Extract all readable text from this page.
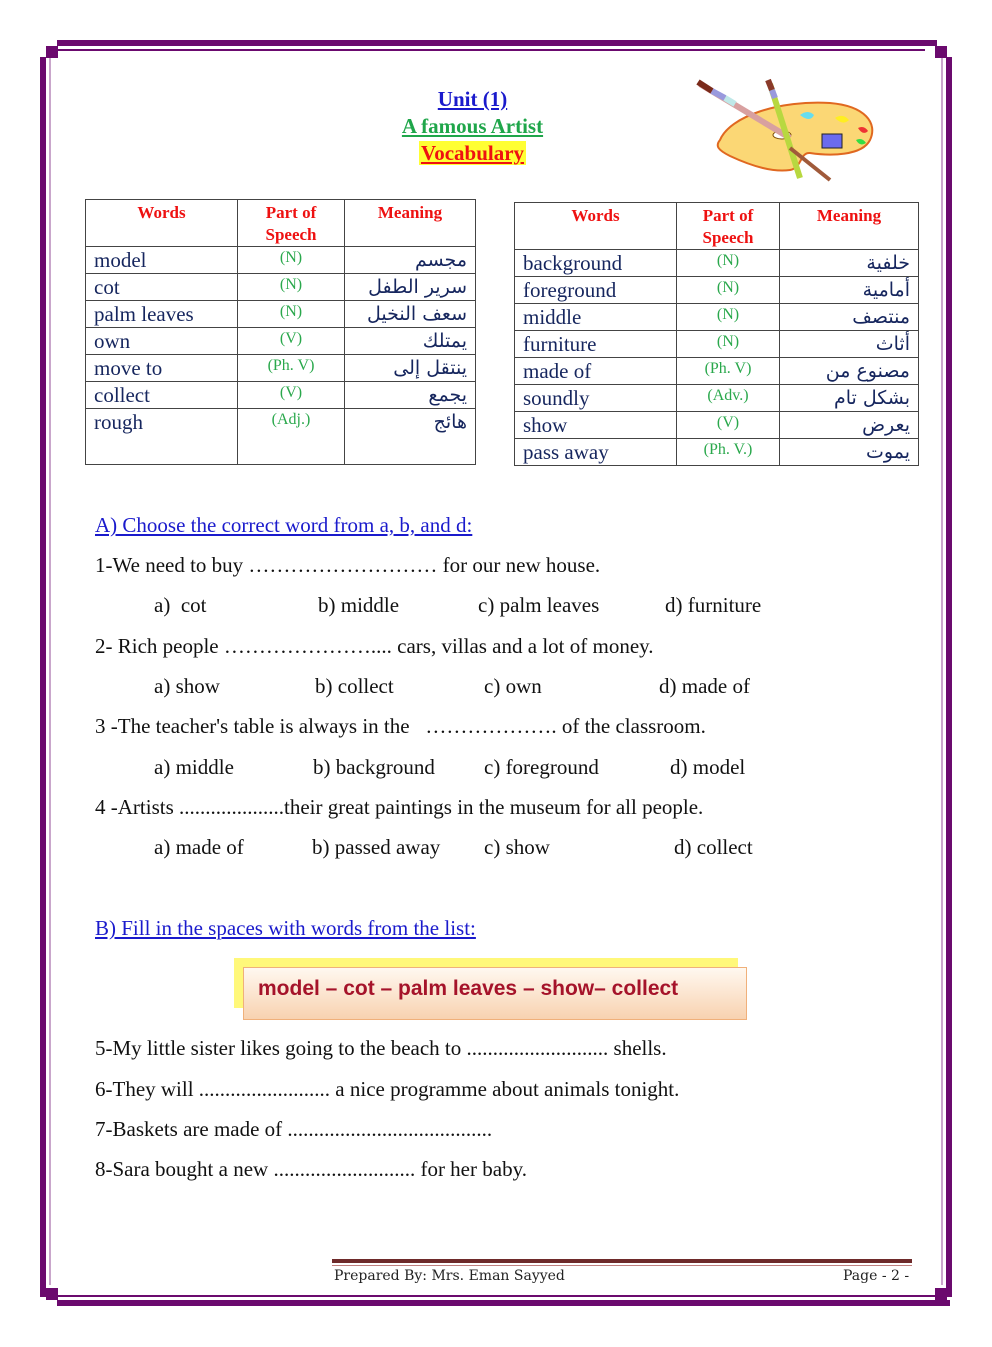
Unit (1)
A famous Artist
Vocabulary
Words	Part of Speech	Meaning
model	(N)	مجسم
cot	(N)	سرير الطفل
palm leaves	(N)	سعف النخيل
own	(V)	يمتلك
move to	(Ph. V)	ينتقل إلى
collect	(V)	يجمع
rough	(Adj.)	هائج
Words	Part of Speech	Meaning
background	(N)	خلفية
foreground	(N)	أمامية
middle	(N)	منتصف
furniture	(N)	أثاث
made of	(Ph. V)	مصنوع من
soundly	(Adv.)	بشكل تام
show	(V)	يعرض
pass away	(Ph. V.)	يموت
A) Choose the correct word from a, b, and d:
1-We need to buy ……………………… for our new house.
a)  cot	b) middle	c) palm leaves	d) furniture
2- Rich people ………………….... cars, villas and a lot of money.
a) show	b) collect	c) own	d) made of
3 -The teacher's table is always in the   ………………. of the classroom.
a) middle	b) background c) foreground	d) model
4 -Artists ....................their great paintings in the museum for all people.
a) made of	b) passed away c) show	d) collect
B) Fill in the spaces with words from the list:
model – cot – palm leaves – show– collect
5-My little sister likes going to the beach to ........................... shells.
6-They will ......................... a nice programme about animals tonight.
7-Baskets are made of .......................................
8-Sara bought a new ........................... for her baby.
Prepared By: Mrs. Eman Sayyed	Page - 2 -
